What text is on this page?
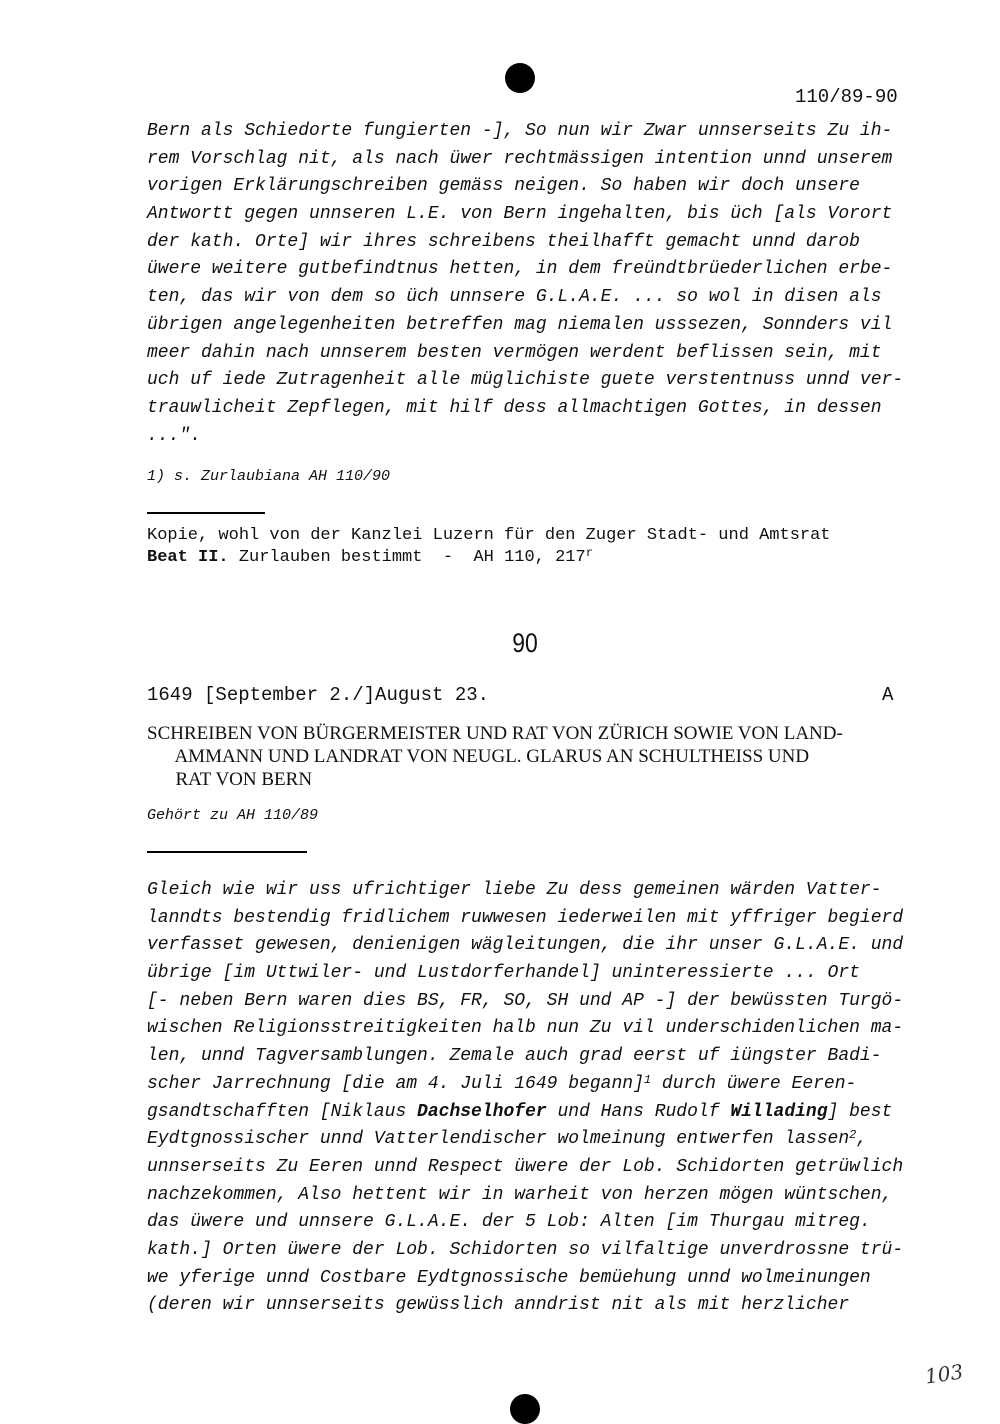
110/89-90
Bern als Schiedorte fungierten -], So nun wir Zwar unnserseits Zu ih-
rem Vorschlag nit, als nach üwer rechtmässigen intention unnd unserem
vorigen Erklärungschreiben gemäss neigen. So haben wir doch unsere
Antwortt gegen unnseren L.E. von Bern ingehalten, bis üch [als Vorort
der kath. Orte] wir ihres schreibens theilhafft gemacht unnd darob
üwere weitere gutbefindtnus hetten, in dem freündtbrüederlichen erbe-
ten, das wir von dem so üch unnsere G.L.A.E. ... so wol in disen als
übrigen angelegenheiten betreffen mag niemalen usssezen, Sonnders vil
meer dahin nach unnserem besten vermögen werdent beflissen sein, mit
uch uf iede Zutragenheit alle müglichiste guete verstentnuss unnd ver-
trauwlicheit Zepflegen, mit hilf dess allmachtigen Gottes, in dessen
...".
1) s. Zurlaubiana AH 110/90
Kopie, wohl von der Kanzlei Luzern für den Zuger Stadt- und Amtsrat
Beat II. Zurlauben bestimmt  -  AH 110, 217$^r$
90
1649 [September 2./]August 23.	A
SCHREIBEN VON BÜRGERMEISTER UND RAT VON ZÜRICH SOWIE VON LAND-
AMMANN UND LANDRAT VON NEUGL. GLARUS AN SCHULTHEISS UND
RAT VON BERN
Gehört zu AH 110/89
Gleich wie wir uss ufrichtiger liebe Zu dess gemeinen wärden Vatter-
lanndts bestendig fridlichem ruwwesen iederweilen mit yffriger begierd
verfasset gewesen, denienigen wägleitungen, die ihr unser G.L.A.E. und
übrige [im Uttwiler- und Lustdorferhandel] uninteressierte ... Ort
[- neben Bern waren dies BS, FR, SO, SH und AP -] der bewüssten Turgö-
wischen Religionsstreitigkeiten halb nun Zu vil underschidenlichen ma-
len, unnd Tagversamblungen. Zemale auch grad eerst uf iüngster Badi-
scher Jarrechnung [die am 4. Juli 1649 begann]$^1$ durch üwere Eeren-
gsandtschafften [Niklaus Dachselhofer und Hans Rudolf Willading] best
Eydtgnossischer unnd Vatterlendischer wolmeinung entwerfen lassen$^2$,
unnserseits Zu Eeren unnd Respect üwere der Lob. Schidorten getrüwlich
nachzekommen, Also hettent wir in warheit von herzen mögen wüntschen,
das üwere und unnsere G.L.A.E. der 5 Lob: Alten [im Thurgau mitreg.
kath.] Orten üwere der Lob. Schidorten so vilfaltige unverdrossne trü-
we yferige unnd Costbare Eydtgnossische bemüehung unnd wolmeinungen
(deren wir unnserseits gewüsslich anndrist nit als mit herzlicher
103
